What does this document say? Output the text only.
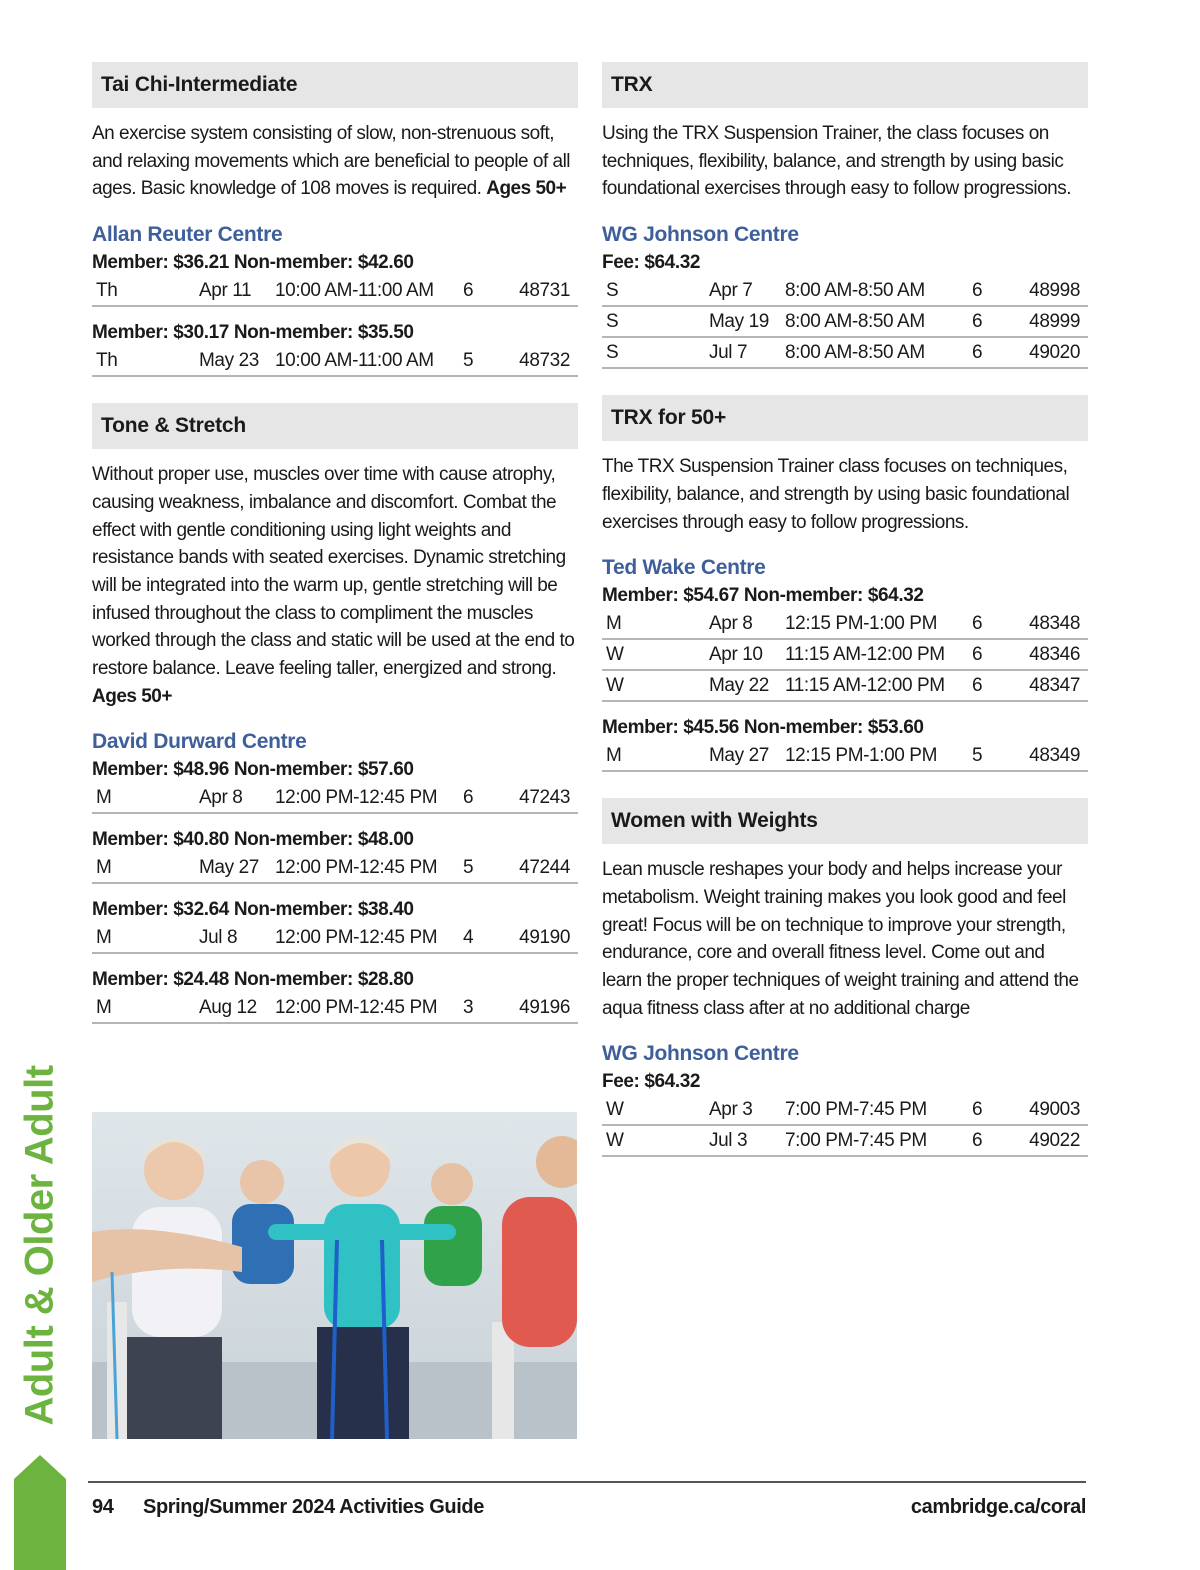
Tai Chi-Intermediate

An exercise system consisting of slow, non-strenuous soft, and relaxing movements which are beneficial to people of all ages. Basic knowledge of 108 moves is required. Ages 50+

Allan Reuter Centre
Member: $36.21 Non-member: $42.60
Th	Apr 11 10:00 AM-11:00 AM 6 48731
Member: $30.17 Non-member: $35.50
Th	May 23 10:00 AM-11:00 AM 5 48732
Tone & Stretch

Without proper use, muscles over time with cause atrophy, causing weakness, imbalance and discomfort. Combat the effect with gentle conditioning using light weights and resistance bands with seated exercises. Dynamic stretching will be integrated into the warm up, gentle stretching will be infused throughout the class to compliment the muscles worked through the class and static will be used at the end to restore balance. Leave feeling taller, energized and strong. Ages 50+

David Durward Centre
Member: $48.96 Non-member: $57.60
M	Apr 8 12:00 PM-12:45 PM 6 47243
Member: $40.80 Non-member: $48.00
M	May 27 12:00 PM-12:45 PM 5 47244
Member: $32.64 Non-member: $38.40
M	Jul 8 12:00 PM-12:45 PM 4 49190
Member: $24.48 Non-member: $28.80
M	Aug 12 12:00 PM-12:45 PM 3 49196
TRX

Using the TRX Suspension Trainer, the class focuses on techniques, flexibility, balance, and strength by using basic foundational exercises through easy to follow progressions.

WG Johnson Centre
Fee: $64.32
S	Apr 7 8:00 AM-8:50 AM 6 48998
S	May 19 8:00 AM-8:50 AM 6 48999
S	Jul 7 8:00 AM-8:50 AM 6 49020
TRX for 50+

The TRX Suspension Trainer class focuses on techniques, flexibility, balance, and strength by using basic foundational exercises through easy to follow progressions.

Ted Wake Centre
Member: $54.67 Non-member: $64.32
M	Apr 8 12:15 PM-1:00 PM 6 48348
W	Apr 10 11:15 AM-12:00 PM 6 48346
W	May 22 11:15 AM-12:00 PM 6 48347
Member: $45.56 Non-member: $53.60
M	May 27 12:15 PM-1:00 PM 5 48349
Women with Weights

Lean muscle reshapes your body and helps increase your metabolism. Weight training makes you look good and feel great! Focus will be on technique to improve your strength, endurance, core and overall fitness level. Come out and learn the proper techniques of weight training and attend the aqua fitness class after at no additional charge

WG Johnson Centre
Fee: $64.32
W	Apr 3 7:00 PM-7:45 PM 6 49003
W	Jul 3 7:00 PM-7:45 PM 6 49022
Adult & Older Adult
94 Spring/Summer 2024 Activities Guide	cambridge.ca/coral
